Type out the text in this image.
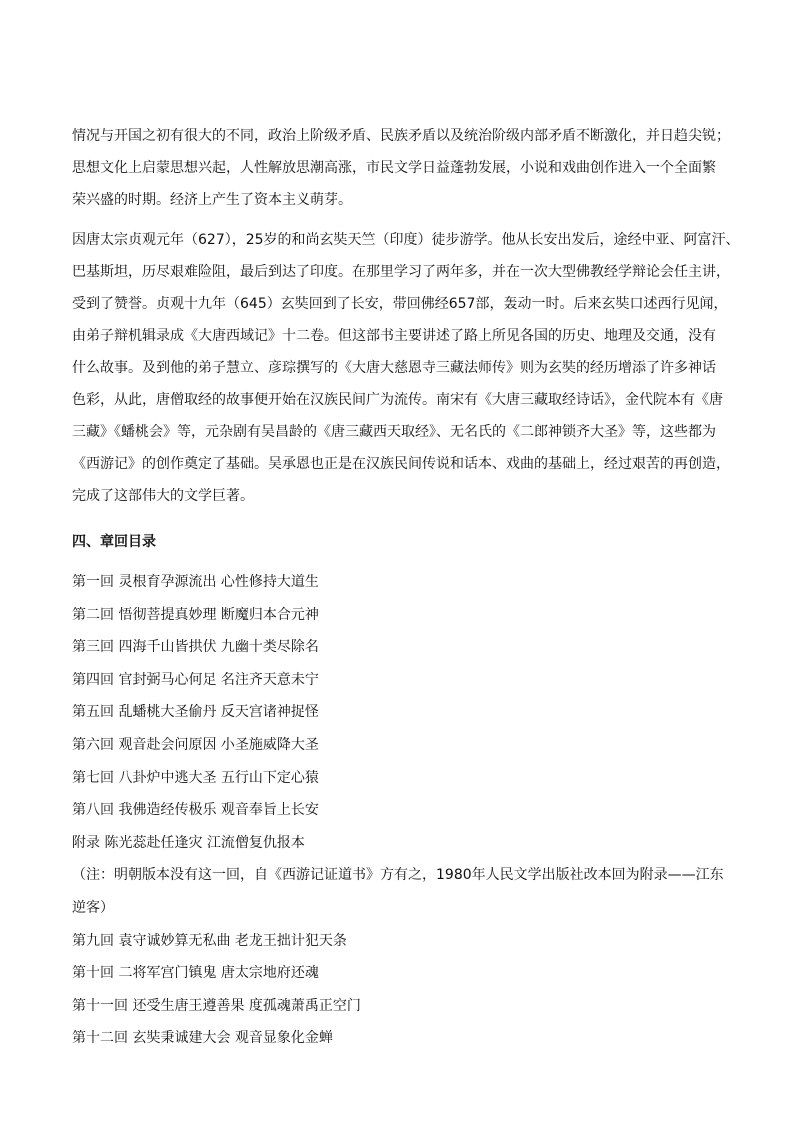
情况与开国之初有很大的不同，政治上阶级矛盾、民族矛盾以及统治阶级内部矛盾不断激化，并日趋尖锐；
思想文化上启蒙思想兴起，人性解放思潮高涨，市民文学日益蓬勃发展，小说和戏曲创作进入一个全面繁
荣兴盛的时期。经济上产生了资本主义萌芽。
因唐太宗贞观元年（627），25岁的和尚玄奘天竺（印度）徒步游学。他从长安出发后，途经中亚、阿富汗、
巴基斯坦，历尽艰难险阻，最后到达了印度。在那里学习了两年多，并在一次大型佛教经学辩论会任主讲，
受到了赞誉。贞观十九年（645）玄奘回到了长安，带回佛经657部，轰动一时。后来玄奘口述西行见闻，
由弟子辩机辑录成《大唐西域记》十二卷。但这部书主要讲述了路上所见各国的历史、地理及交通，没有
什么故事。及到他的弟子慧立、彦琮撰写的《大唐大慈恩寺三藏法师传》则为玄奘的经历增添了许多神话
色彩，从此，唐僧取经的故事便开始在汉族民间广为流传。南宋有《大唐三藏取经诗话》，金代院本有《唐
三藏》《蟠桃会》等，元杂剧有吴昌龄的《唐三藏西天取经》、无名氏的《二郎神锁齐大圣》等，这些都为
《西游记》的创作奠定了基础。吴承恩也正是在汉族民间传说和话本、戏曲的基础上，经过艰苦的再创造，
完成了这部伟大的文学巨著。
四、章回目录
第一回 灵根育孕源流出 心性修持大道生
第二回 悟彻菩提真妙理 断魔归本合元神
第三回 四海千山皆拱伏 九幽十类尽除名
第四回 官封弼马心何足 名注齐天意未宁
第五回 乱蟠桃大圣偷丹 反天宫诸神捉怪
第六回 观音赴会问原因 小圣施威降大圣
第七回 八卦炉中逃大圣 五行山下定心猿
第八回 我佛造经传极乐 观音奉旨上长安
附录 陈光蕊赴任逢灾 江流僧复仇报本
（注：明朝版本没有这一回，自《西游记证道书》方有之，1980年人民文学出版社改本回为附录——江东
逆客）
第九回 袁守诚妙算无私曲 老龙王拙计犯天条
第十回 二将军宫门镇鬼 唐太宗地府还魂
第十一回 还受生唐王遵善果 度孤魂萧禹正空门
第十二回 玄奘秉诚建大会 观音显象化金蝉
